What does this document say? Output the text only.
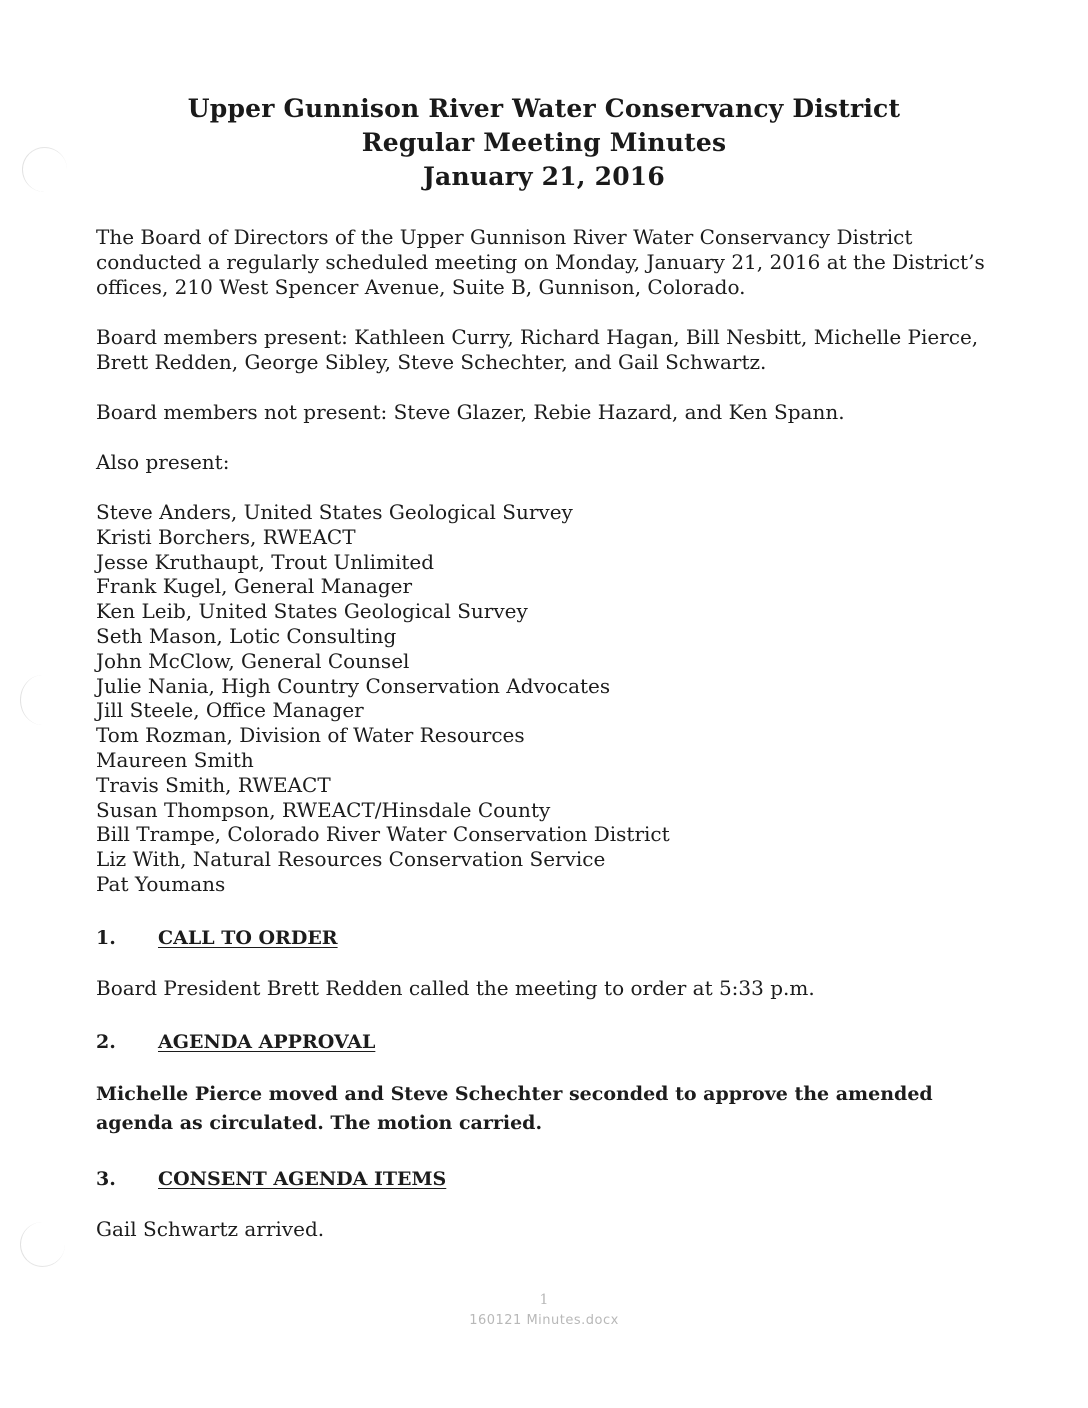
Upper Gunnison River Water Conservancy District
Regular Meeting Minutes
January 21, 2016

The Board of Directors of the Upper Gunnison River Water Conservancy District conducted a regularly scheduled meeting on Monday, January 21, 2016 at the District’s offices, 210 West Spencer Avenue, Suite B, Gunnison, Colorado.

Board members present: Kathleen Curry, Richard Hagan, Bill Nesbitt, Michelle Pierce, Brett Redden, George Sibley, Steve Schechter, and Gail Schwartz.

Board members not present: Steve Glazer, Rebie Hazard, and Ken Spann.

Also present:

Steve Anders, United States Geological Survey
Kristi Borchers, RWEACT
Jesse Kruthaupt, Trout Unlimited
Frank Kugel, General Manager
Ken Leib, United States Geological Survey
Seth Mason, Lotic Consulting
John McClow, General Counsel
Julie Nania, High Country Conservation Advocates
Jill Steele, Office Manager
Tom Rozman, Division of Water Resources
Maureen Smith
Travis Smith, RWEACT
Susan Thompson, RWEACT/Hinsdale County
Bill Trampe, Colorado River Water Conservation District
Liz With, Natural Resources Conservation Service
Pat Youmans

1. CALL TO ORDER

Board President Brett Redden called the meeting to order at 5:33 p.m.

2. AGENDA APPROVAL

Michelle Pierce moved and Steve Schechter seconded to approve the amended agenda as circulated. The motion carried.

3. CONSENT AGENDA ITEMS

Gail Schwartz arrived.

1
160121 Minutes.docx
